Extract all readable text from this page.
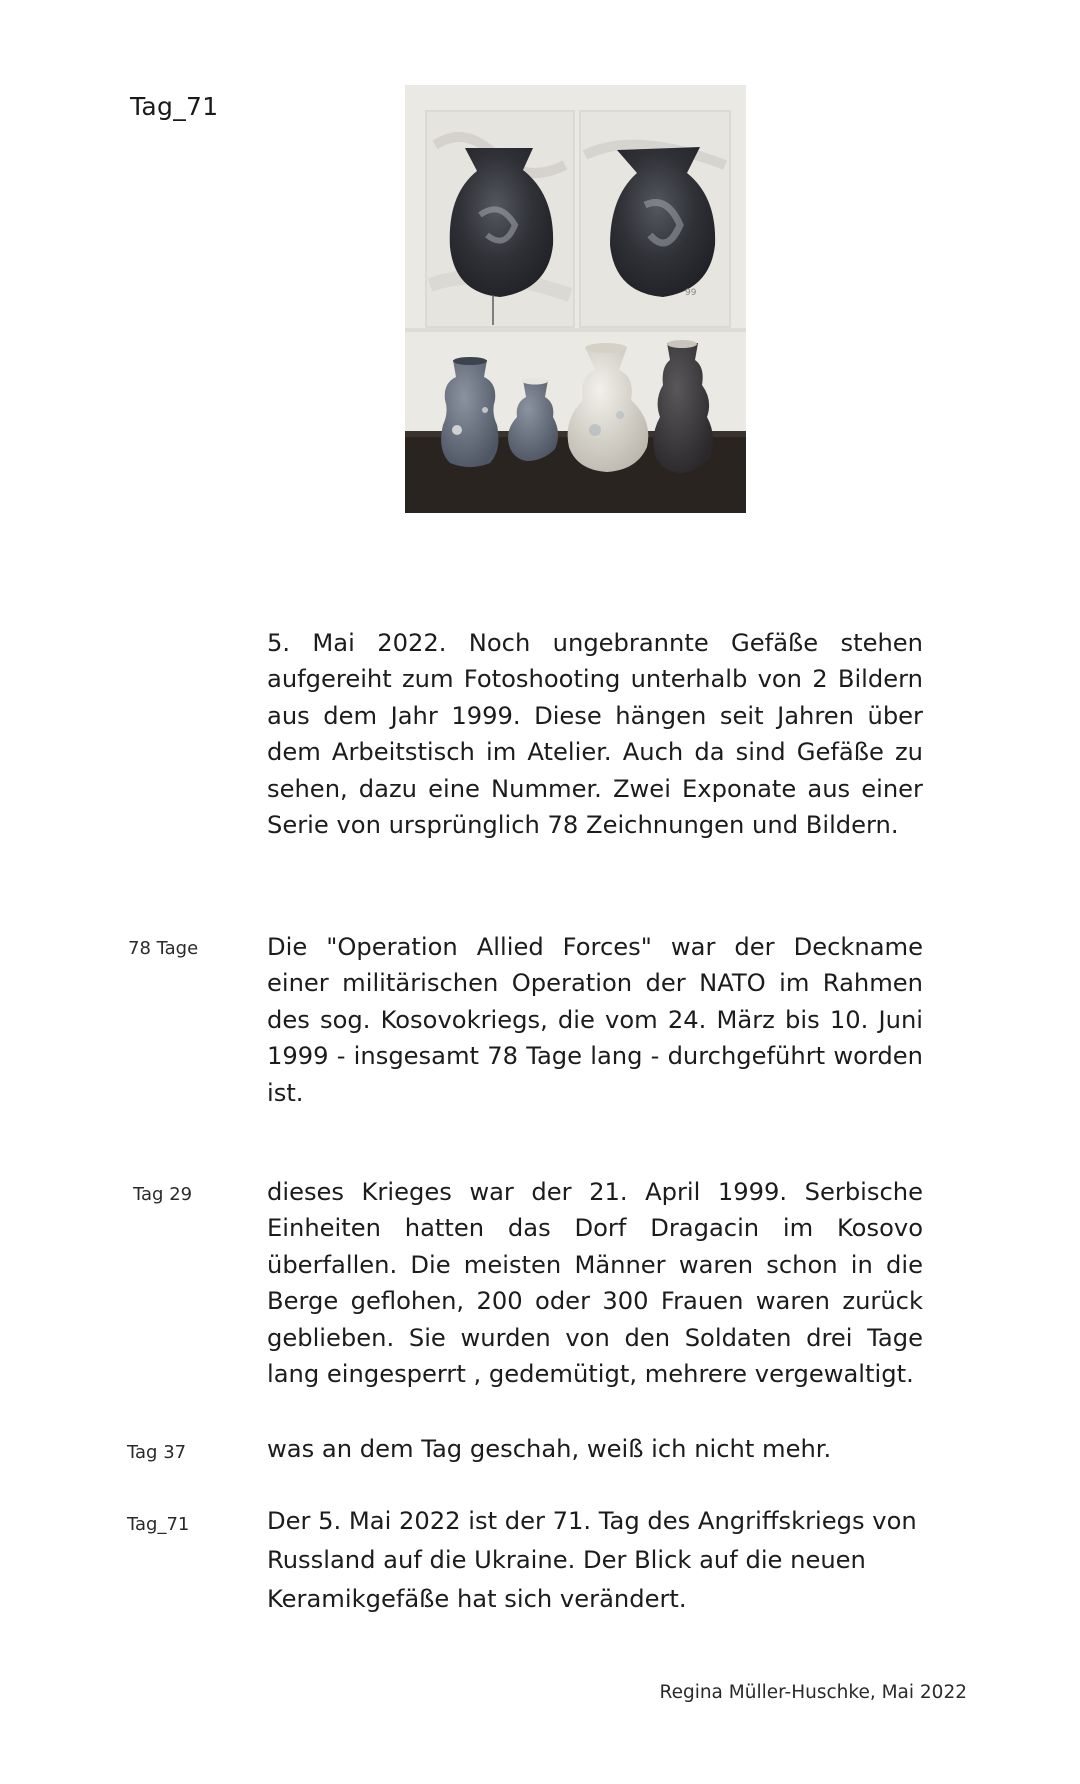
Tag_71
99
5. Mai 2022. Noch ungebrannte Gefäße stehen aufgereiht zum Fotoshooting unterhalb von 2 Bildern aus dem Jahr 1999. Diese hängen seit Jahren über dem Arbeitstisch im Atelier. Auch da sind Gefäße zu sehen, dazu eine Nummer. Zwei Exponate aus einer Serie von ursprünglich 78 Zeichnungen und Bildern.
78 Tage	Die "Operation Allied Forces" war der Deckname einer militärischen Operation der NATO im Rahmen des sog. Kosovokriegs, die vom 24. März bis 10. Juni 1999 - insgesamt 78 Tage lang - durchgeführt worden ist.
Tag 29	dieses Krieges war der 21. April 1999. Serbische Einheiten hatten das Dorf Dragacin im Kosovo überfallen. Die meisten Männer waren schon in die Berge geflohen, 200 oder 300 Frauen waren zurück geblieben. Sie wurden von den Soldaten drei Tage lang eingesperrt , gedemütigt, mehrere vergewaltigt.
Tag 37	was an dem Tag geschah, weiß ich nicht mehr.
Tag_71	Der 5. Mai 2022 ist der 71. Tag des Angriffskriegs von Russland auf die Ukraine. Der Blick auf die neuen Keramikgefäße hat sich verändert.
Regina Müller-Huschke, Mai 2022
